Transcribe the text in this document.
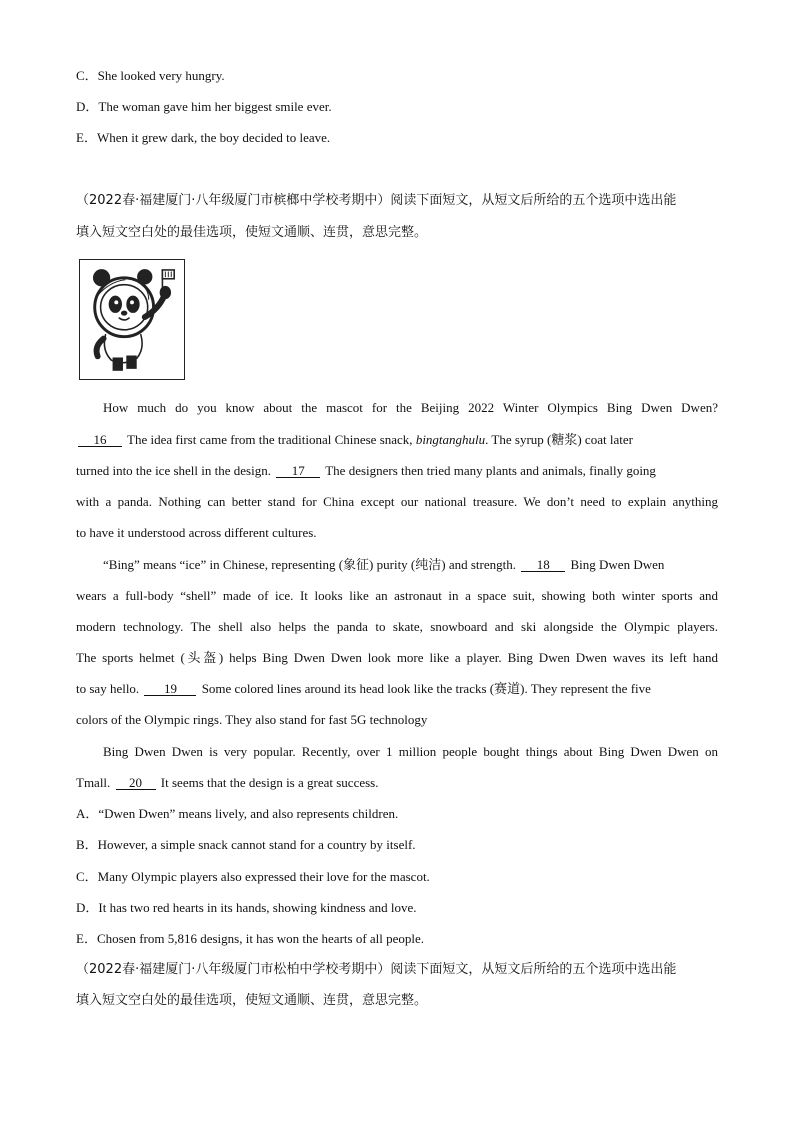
C．She looked very hungry.
D．The woman gave him her biggest smile ever.
E．When it grew dark, the boy decided to leave.
（2022春·福建厦门·八年级厦门市槟榔中学校考期中）阅读下面短文，从短文后所给的五个选项中选出能
填入短文空白处的最佳选项，使短文通顺、连贯，意思完整。
How much do you know about the mascot for the Beijing 2022 Winter Olympics Bing Dwen Dwen?
16 The idea first came from the traditional Chinese snack, bingtanghulu. The syrup (糖浆) coat later
turned into the ice shell in the design. 17 The designers then tried many plants and animals, finally going
with a panda. Nothing can better stand for China except our national treasure. We don’t need to explain anything
to have it understood across different cultures.
“Bing” means “ice” in Chinese, representing (象征) purity (纯洁) and strength. 18 Bing Dwen Dwen
wears a full-body “shell” made of ice. It looks like an astronaut in a space suit, showing both winter sports and
modern technology. The shell also helps the panda to skate, snowboard and ski alongside the Olympic players.
The sports helmet (头盔) helps Bing Dwen Dwen look more like a player. Bing Dwen Dwen waves its left hand
to say hello. 19 Some colored lines around its head look like the tracks (赛道). They represent the five
colors of the Olympic rings. They also stand for fast 5G technology
Bing Dwen Dwen is very popular. Recently, over 1 million people bought things about Bing Dwen Dwen on
Tmall. 20 It seems that the design is a great success.
A．“Dwen Dwen” means lively, and also represents children.
B．However, a simple snack cannot stand for a country by itself.
C．Many Olympic players also expressed their love for the mascot.
D．It has two red hearts in its hands, showing kindness and love.
E．Chosen from 5,816 designs, it has won the hearts of all people.
（2022春·福建厦门·八年级厦门市松柏中学校考期中）阅读下面短文，从短文后所给的五个选项中选出能
填入短文空白处的最佳选项，使短文通顺、连贯，意思完整。
